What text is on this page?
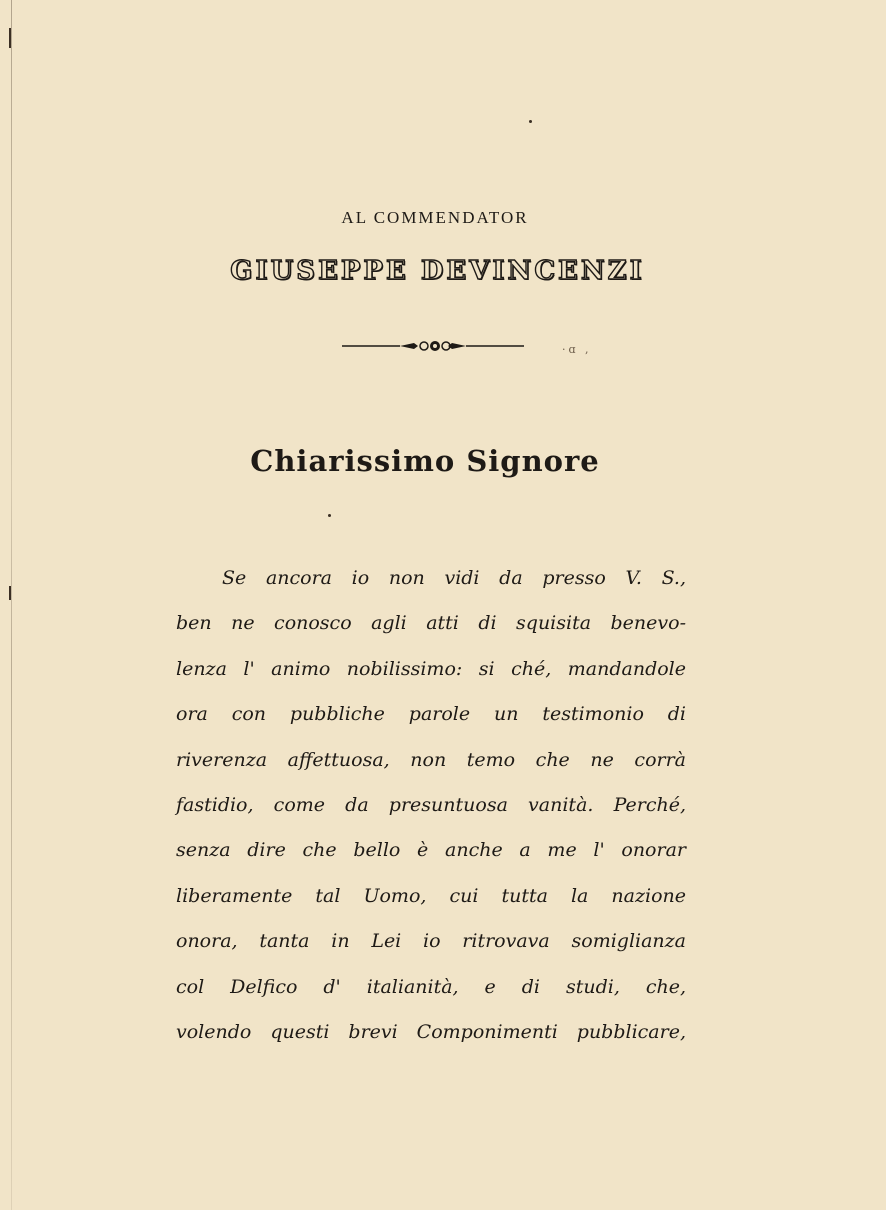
AL COMMENDATOR
GIUSEPPE DEVINCENZI
·ɑ ,
Chiarissimo Signore
Se ancora io non vidi da presso V. S.,
ben ne conosco agli atti di squisita benevo-
lenza l' animo nobilissimo: si ché, mandandole
ora con pubbliche parole un testimonio di
riverenza affettuosa, non temo che ne corrà
fastidio, come da presuntuosa vanità. Perché,
senza dire che bello è anche a me l' onorar
liberamente tal Uomo, cui tutta la nazione
onora, tanta in Lei io ritrovava somiglianza
col Delfico d' italianità, e di studi, che,
volendo questi brevi Componimenti pubblicare,
